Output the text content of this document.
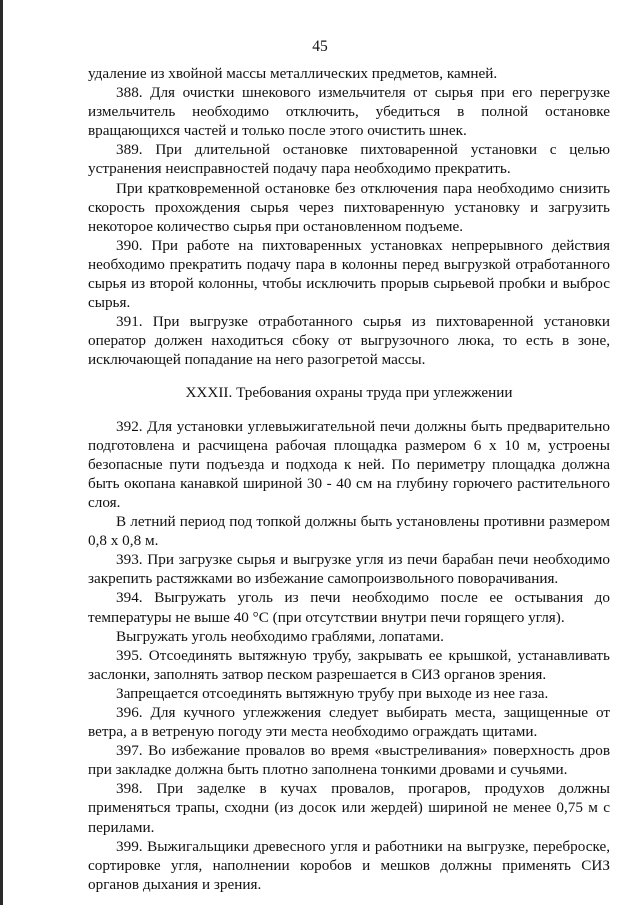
45

удаление из хвойной массы металлических предметов, камней.

388. Для очистки шнекового измельчителя от сырья при его перегрузке измельчитель необходимо отключить, убедиться в полной остановке вращающихся частей и только после этого очистить шнек.

389. При длительной остановке пихтоваренной установки с целью устранения неисправностей подачу пара необходимо прекратить.

При кратковременной остановке без отключения пара необходимо снизить скорость прохождения сырья через пихтоваренную установку и загрузить некоторое количество сырья при остановленном подъеме.

390. При работе на пихтоваренных установках непрерывного действия необходимо прекратить подачу пара в колонны перед выгрузкой отработанного сырья из второй колонны, чтобы исключить прорыв сырьевой пробки и выброс сырья.

391. При выгрузке отработанного сырья из пихтоваренной установки оператор должен находиться сбоку от выгрузочного люка, то есть в зоне, исключающей попадание на него разогретой массы.

XXXII. Требования охраны труда при углежжении

392. Для установки углевыжигательной печи должны быть предварительно подготовлена и расчищена рабочая площадка размером 6 х 10 м, устроены безопасные пути подъезда и подхода к ней. По периметру площадка должна быть окопана канавкой шириной 30 - 40 см на глубину горючего растительного слоя.

В летний период под топкой должны быть установлены противни размером 0,8 х 0,8 м.

393. При загрузке сырья и выгрузке угля из печи барабан печи необходимо закрепить растяжками во избежание самопроизвольного поворачивания.

394. Выгружать уголь из печи необходимо после ее остывания до температуры не выше 40 °С (при отсутствии внутри печи горящего угля).

Выгружать уголь необходимо граблями, лопатами.

395. Отсоединять вытяжную трубу, закрывать ее крышкой, устанавливать заслонки, заполнять затвор песком разрешается в СИЗ органов зрения.

Запрещается отсоединять вытяжную трубу при выходе из нее газа.

396. Для кучного углежжения следует выбирать места, защищенные от ветра, а в ветреную погоду эти места необходимо ограждать щитами.

397. Во избежание провалов во время «выстреливания» поверхность дров при закладке должна быть плотно заполнена тонкими дровами и сучьями.

398. При заделке в кучах провалов, прогаров, продухов должны применяться трапы, сходни (из досок или жердей) шириной не менее 0,75 м с перилами.

399. Выжигальщики древесного угля и работники на выгрузке, переброске, сортировке угля, наполнении коробов и мешков должны применять СИЗ органов дыхания и зрения.
